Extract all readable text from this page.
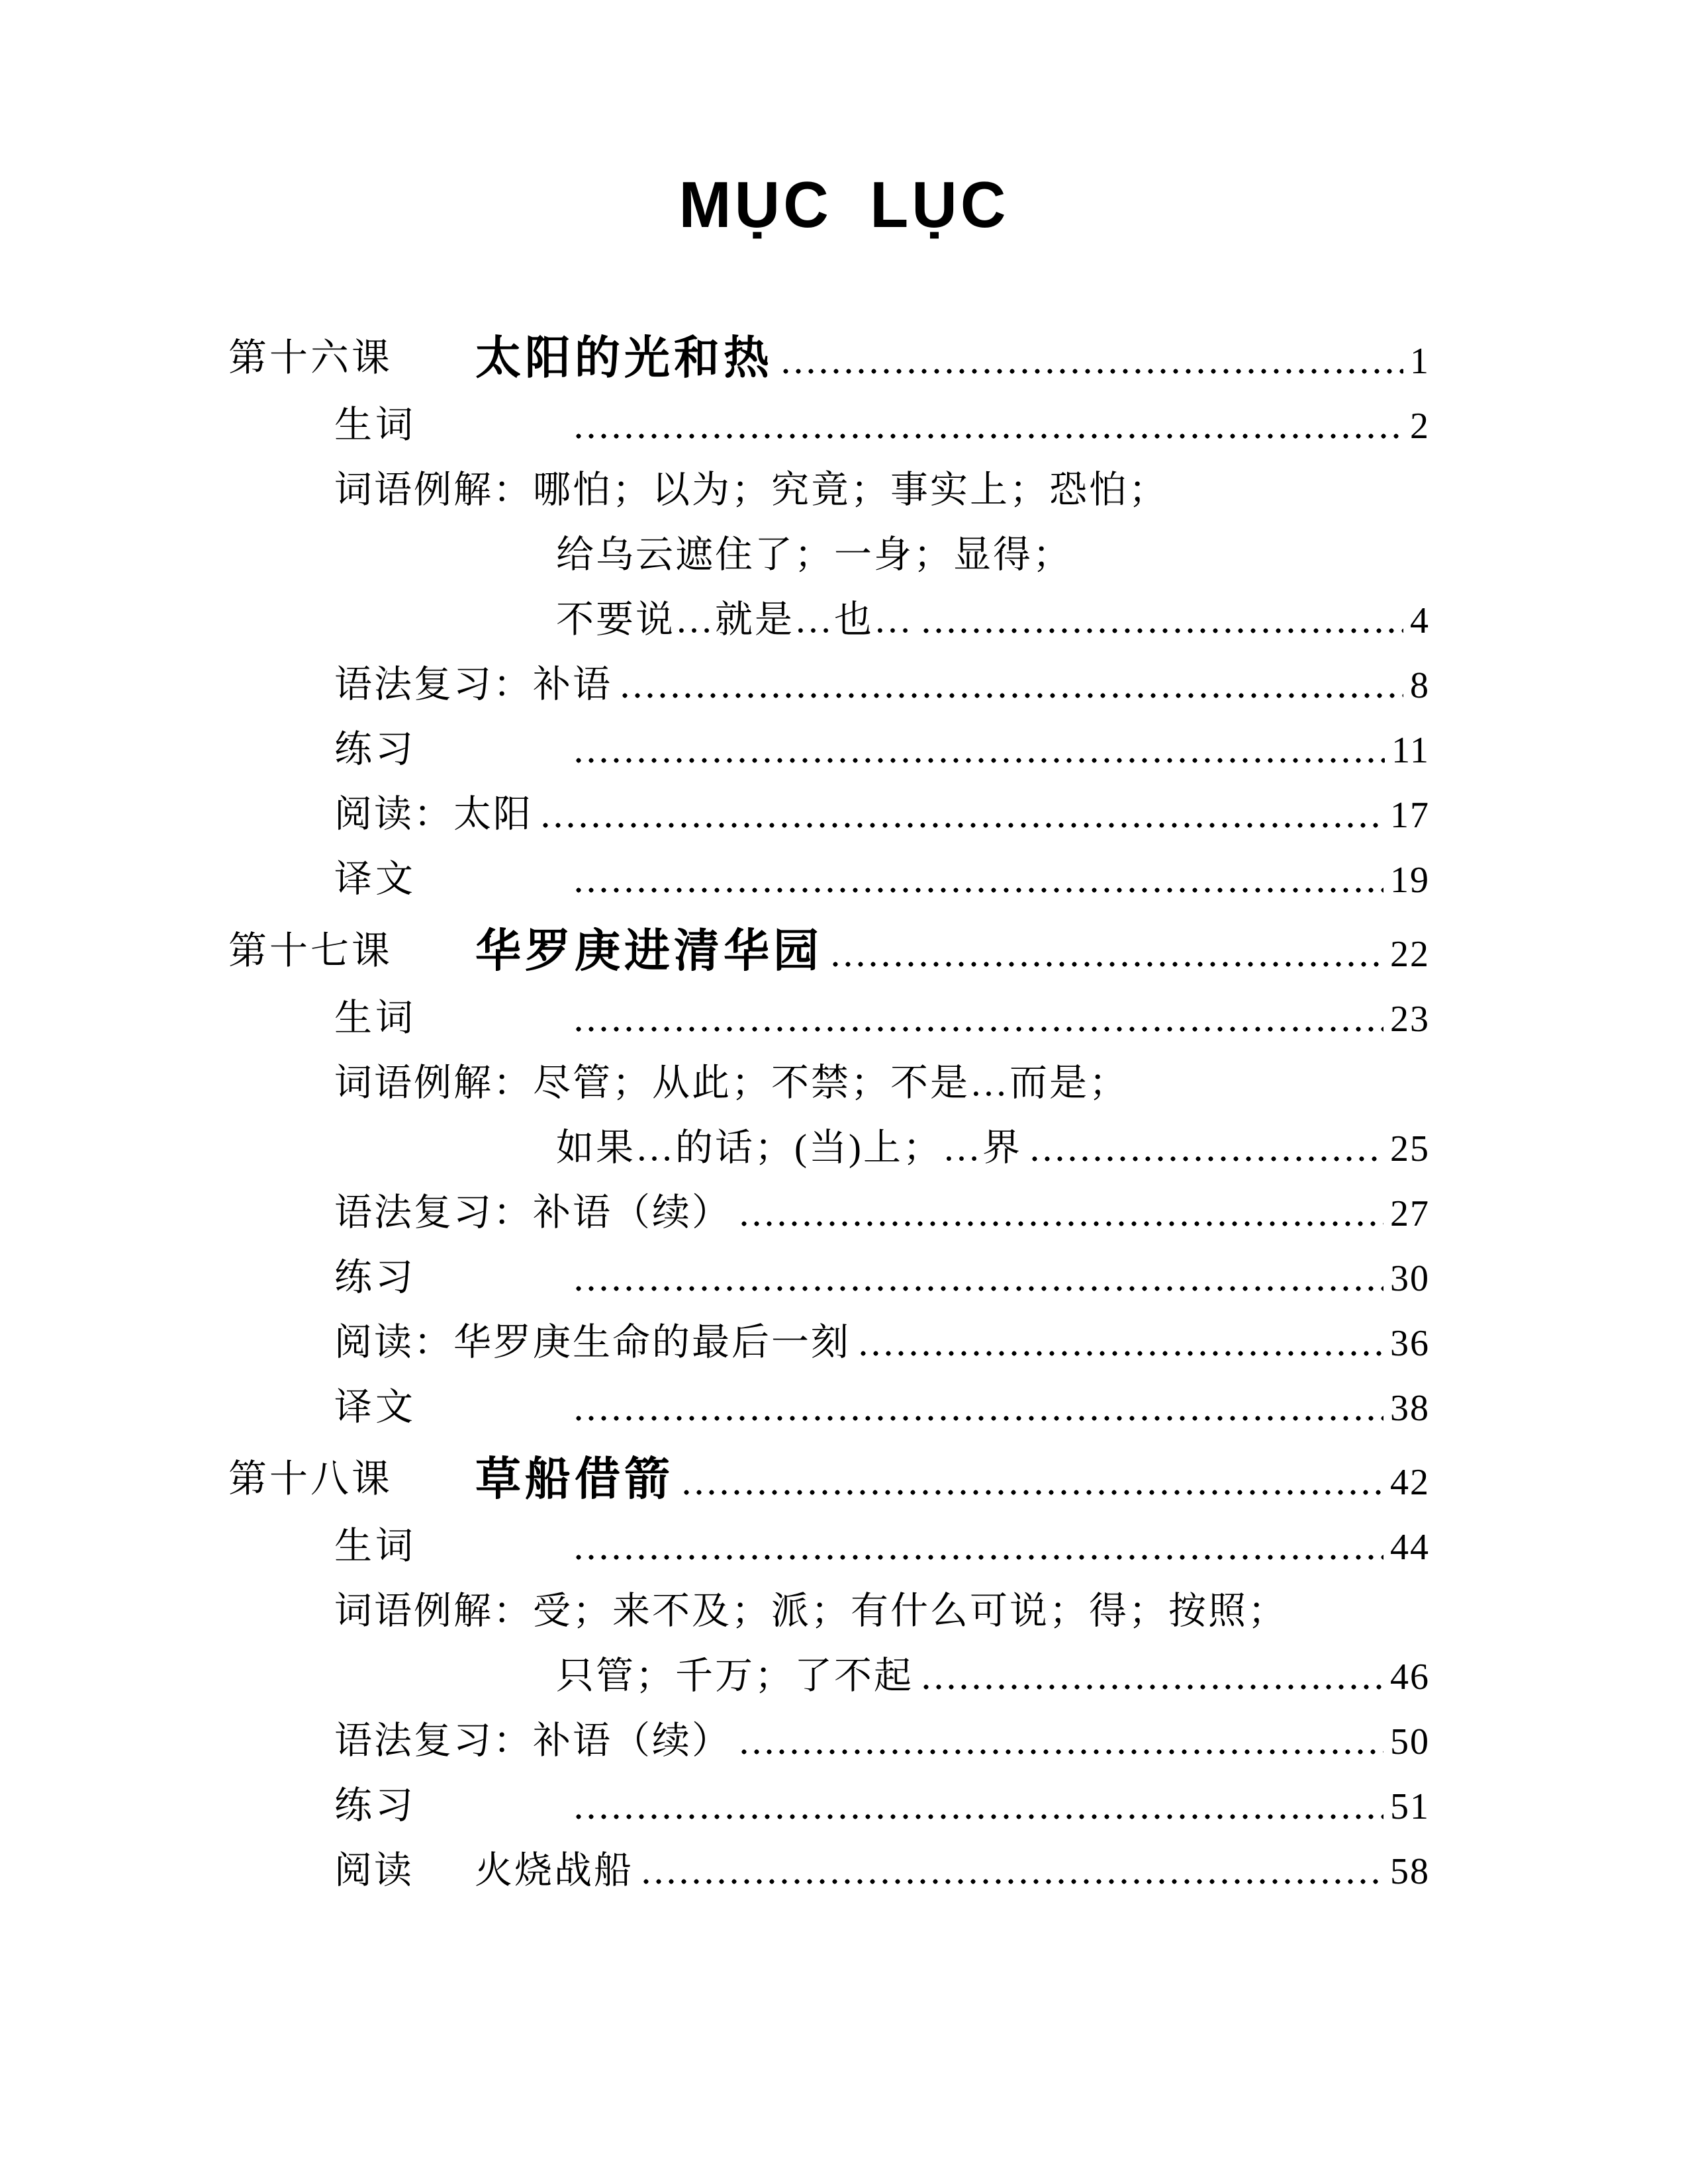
MỤC LỤC
第十六课	太阳的光和热	1
生词	2
词语例解： 哪怕；以为；究竟；事实上；恐怕；
给乌云遮住了；一身；显得；
不要说…就是…也…	4
语法复习： 补语	8
练习	11
阅读： 太阳	17
译文	19
第十七课	华罗庚进清华园	22
生词	23
词语例解： 尽管；从此；不禁；不是…而是；
如果…的话；(当)上；…界	25
语法复习： 补语（续）	27
练习	30
阅读： 华罗庚生命的最后一刻	36
译文	38
第十八课	草船借箭	42
生词	44
词语例解： 受；来不及；派；有什么可说；得；按照；
只管；千万；了不起	46
语法复习： 补语（续）	50
练习	51
阅读 火烧战船	58
